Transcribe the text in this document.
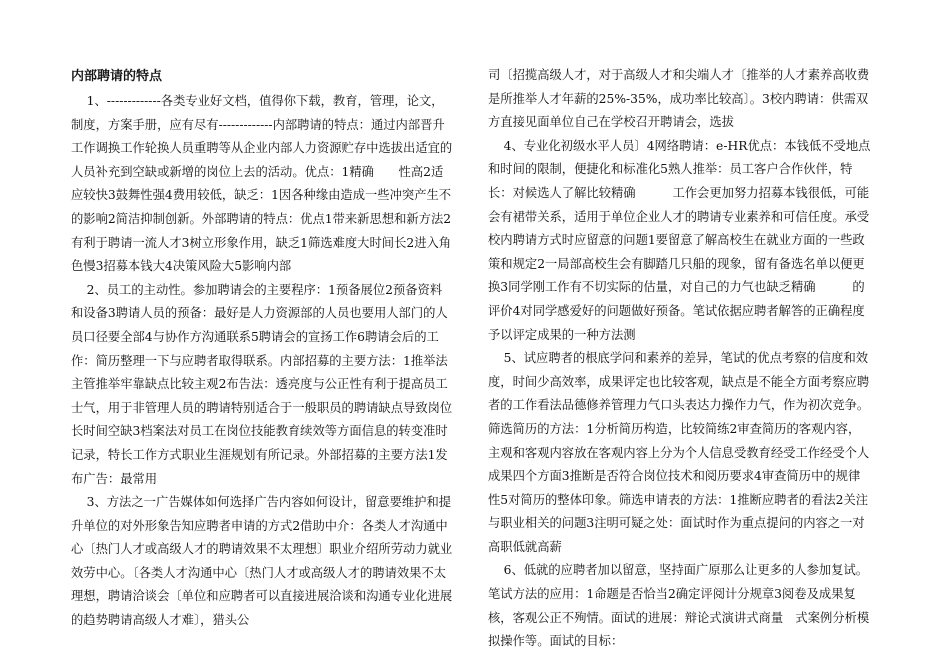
内部聘请的特点

1、-------------各类专业好文档，值得你下载，教育，管理，论文，制度，方案手册，应有尽有-------------内部聘请的特点：通过内部晋升工作调换工作轮换人员重聘等从企业内部人力资源贮存中选拔出适宜的人员补充到空缺或新增的岗位上去的活动。优点：1精确　　性高2适应较快3鼓舞性强4费用较低，缺乏：1因各种缘由造成一些冲突产生不的影响2简洁抑制创新。外部聘请的特点：优点1带来新思想和新方法2有利于聘请一流人才3树立形象作用，缺乏1筛选难度大时间长2进入角色慢3招募本钱大4决策风险大5影响内部

2、员工的主动性。参加聘请会的主要程序：1预备展位2预备资料和设备3聘请人员的预备：最好是人力资源部的人员也要用人部门的人员口径要全部4与协作方沟通联系5聘请会的宣扬工作6聘请会后的工作：简历整理一下与应聘者取得联系。内部招募的主要方法：1推举法主管推举牢靠缺点比较主观2布告法：透亮度与公正性有利于提高员工士气，用于非管理人员的聘请特别适合于一般职员的聘请缺点导致岗位长时间空缺3档案法对员工在岗位技能教育续效等方面信息的转变准时记录，特长工作方式职业生涯规划有所记录。外部招募的主要方法1发布广告：最常用

3、方法之一广告媒体如何选择广告内容如何设计，留意要维护和提升单位的对外形象告知应聘者申请的方式2借助中介：各类人才沟通中心〔热门人才或高级人才的聘请效果不太理想〕职业介绍所劳动力就业效劳中心。〔各类人才沟通中心〔热门人才或高级人才的聘请效果不太理想，聘请洽谈会〔单位和应聘者可以直接进展洽谈和沟通专业化进展的趋势聘请高级人才难〕，猎头公

司〔招揽高级人才，对于高级人才和尖端人才〔推举的人才素养高收费是所推举人才年薪的25%-35%，成功率比较高〕。3校内聘请：供需双方直接见面单位自己在学校召开聘请会，选拔

4、专业化初级水平人员〕4网络聘请：e-HR优点：本钱低不受地点和时间的限制，便捷化和标准化5熟人推举：员工客户合作伙伴，特长：对候选人了解比较精确　　　工作会更加努力招募本钱很低，可能会有裙带关系，适用于单位企业人才的聘请专业素养和可信任度。承受校内聘请方式时应留意的问题1要留意了解高校生在就业方面的一些政策和规定2一局部高校生会有脚踏几只船的现象，留有备选名单以便更换3同学刚工作有不切实际的估量，对自己的力气也缺乏精确　　　的评价4对同学感爱好的问题做好预备。笔试依据应聘者解答的正确程度予以评定成果的一种方法测

5、试应聘者的根底学问和素养的差异，笔试的优点考察的信度和效度，时间少高效率，成果评定也比较客观，缺点是不能全方面考察应聘者的工作看法品德修养管理力气口头表达力操作力气，作为初次竞争。筛选简历的方法：1分析简历构造，比较简练2审查简历的客观内容，主观和客观内容放在客观内容上分为个人信息受教育经受工作经受个人成果四个方面3推断是否符合岗位技术和阅历要求4审查简历中的规律性5对简历的整体印象。筛选申请表的方法：1推断应聘者的看法2关注与职业相关的问题3注明可疑之处：面试时作为重点提问的内容之一对高职低就高薪

6、低就的应聘者加以留意，坚持面广原那么让更多的人参加复试。笔试方法的应用：1命题是否恰当2确定评阅计分规章3阅卷及成果复核，客观公正不殉情。面试的进展：辩论式演讲式商量　式案例分析模拟操作等。面试的目标：
